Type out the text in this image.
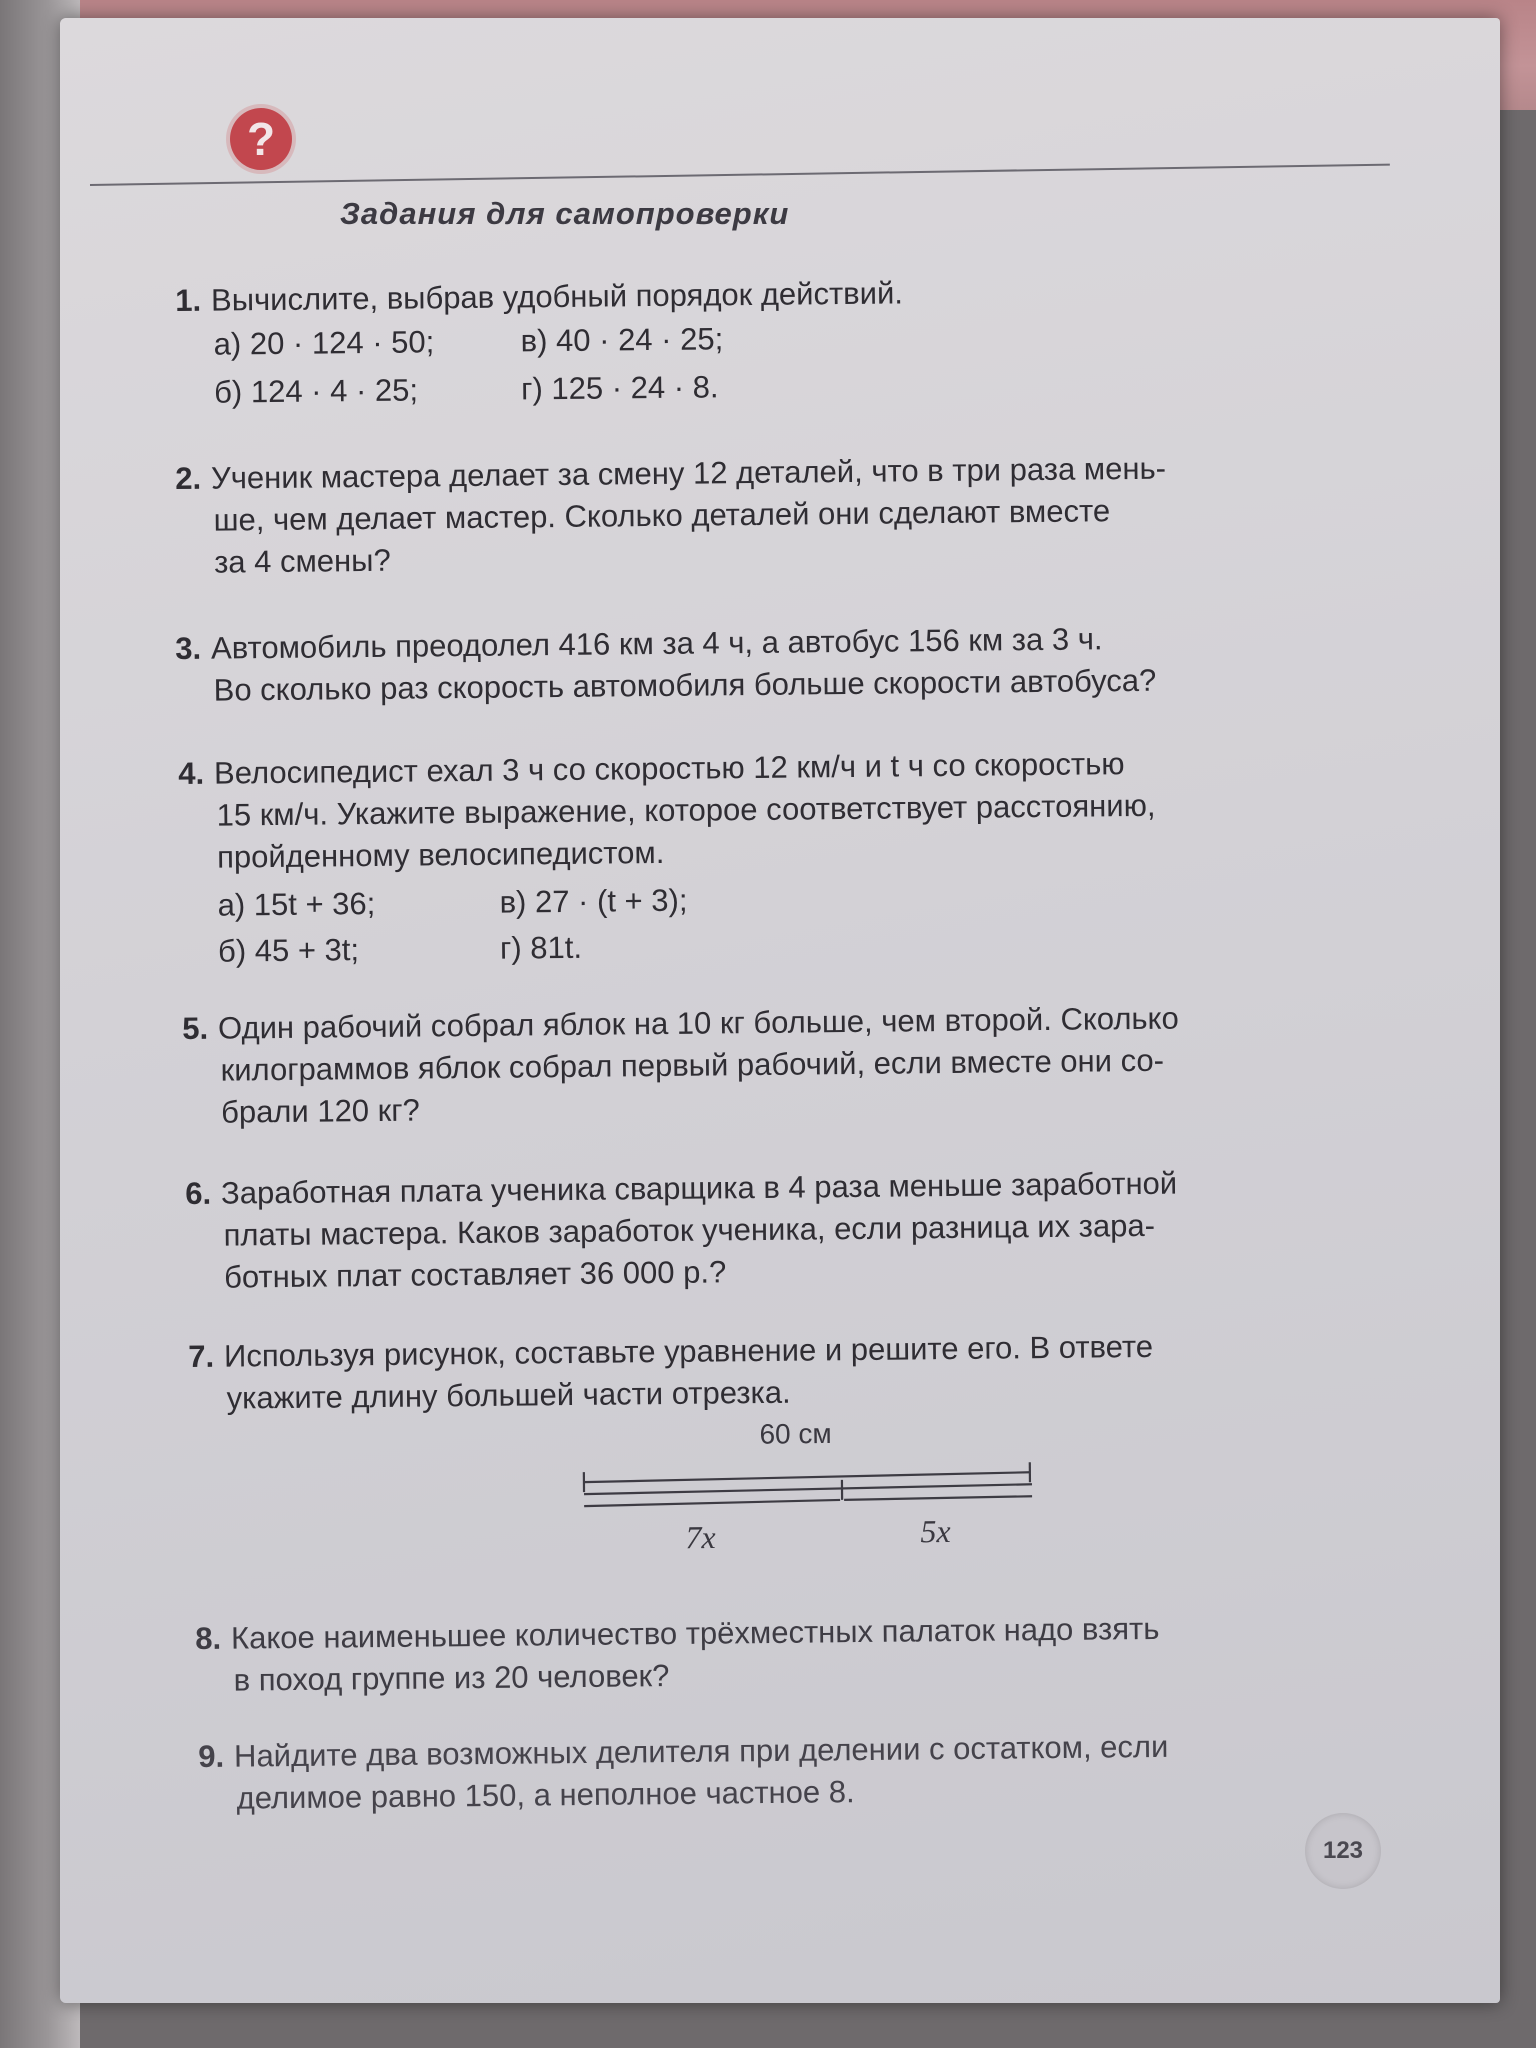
?
Задания для самопроверки
1. Вычислите, выбрав удобный порядок действий.
а) 20 · 124 · 50;	в) 40 · 24 · 25;
б) 124 · 4 · 25;	г) 125 · 24 · 8.
2. Ученик мастера делает за смену 12 деталей, что в три раза мень-
ше, чем делает мастер. Сколько деталей они сделают вместе
за 4 смены?
3. Автомобиль преодолел 416 км за 4 ч, а автобус 156 км за 3 ч.
Во сколько раз скорость автомобиля больше скорости автобуса?
4. Велосипедист ехал 3 ч со скоростью 12 км/ч и t ч со скоростью
15 км/ч. Укажите выражение, которое соответствует расстоянию,
пройденному велосипедистом.
а) 15t + 36;	в) 27 · (t + 3);
б) 45 + 3t;	г) 81t.
5. Один рабочий собрал яблок на 10 кг больше, чем второй. Сколько
килограммов яблок собрал первый рабочий, если вместе они со-
брали 120 кг?
6. Заработная плата ученика сварщика в 4 раза меньше заработной
платы мастера. Каков заработок ученика, если разница их зара-
ботных плат составляет 36 000 р.?
7. Используя рисунок, составьте уравнение и решите его. В ответе
укажите длину большей части отрезка.
60 см
7x	5x
8. Какое наименьшее количество трёхместных палаток надо взять
в поход группе из 20 человек?
9. Найдите два возможных делителя при делении с остатком, если
делимое равно 150, а неполное частное 8.
123
